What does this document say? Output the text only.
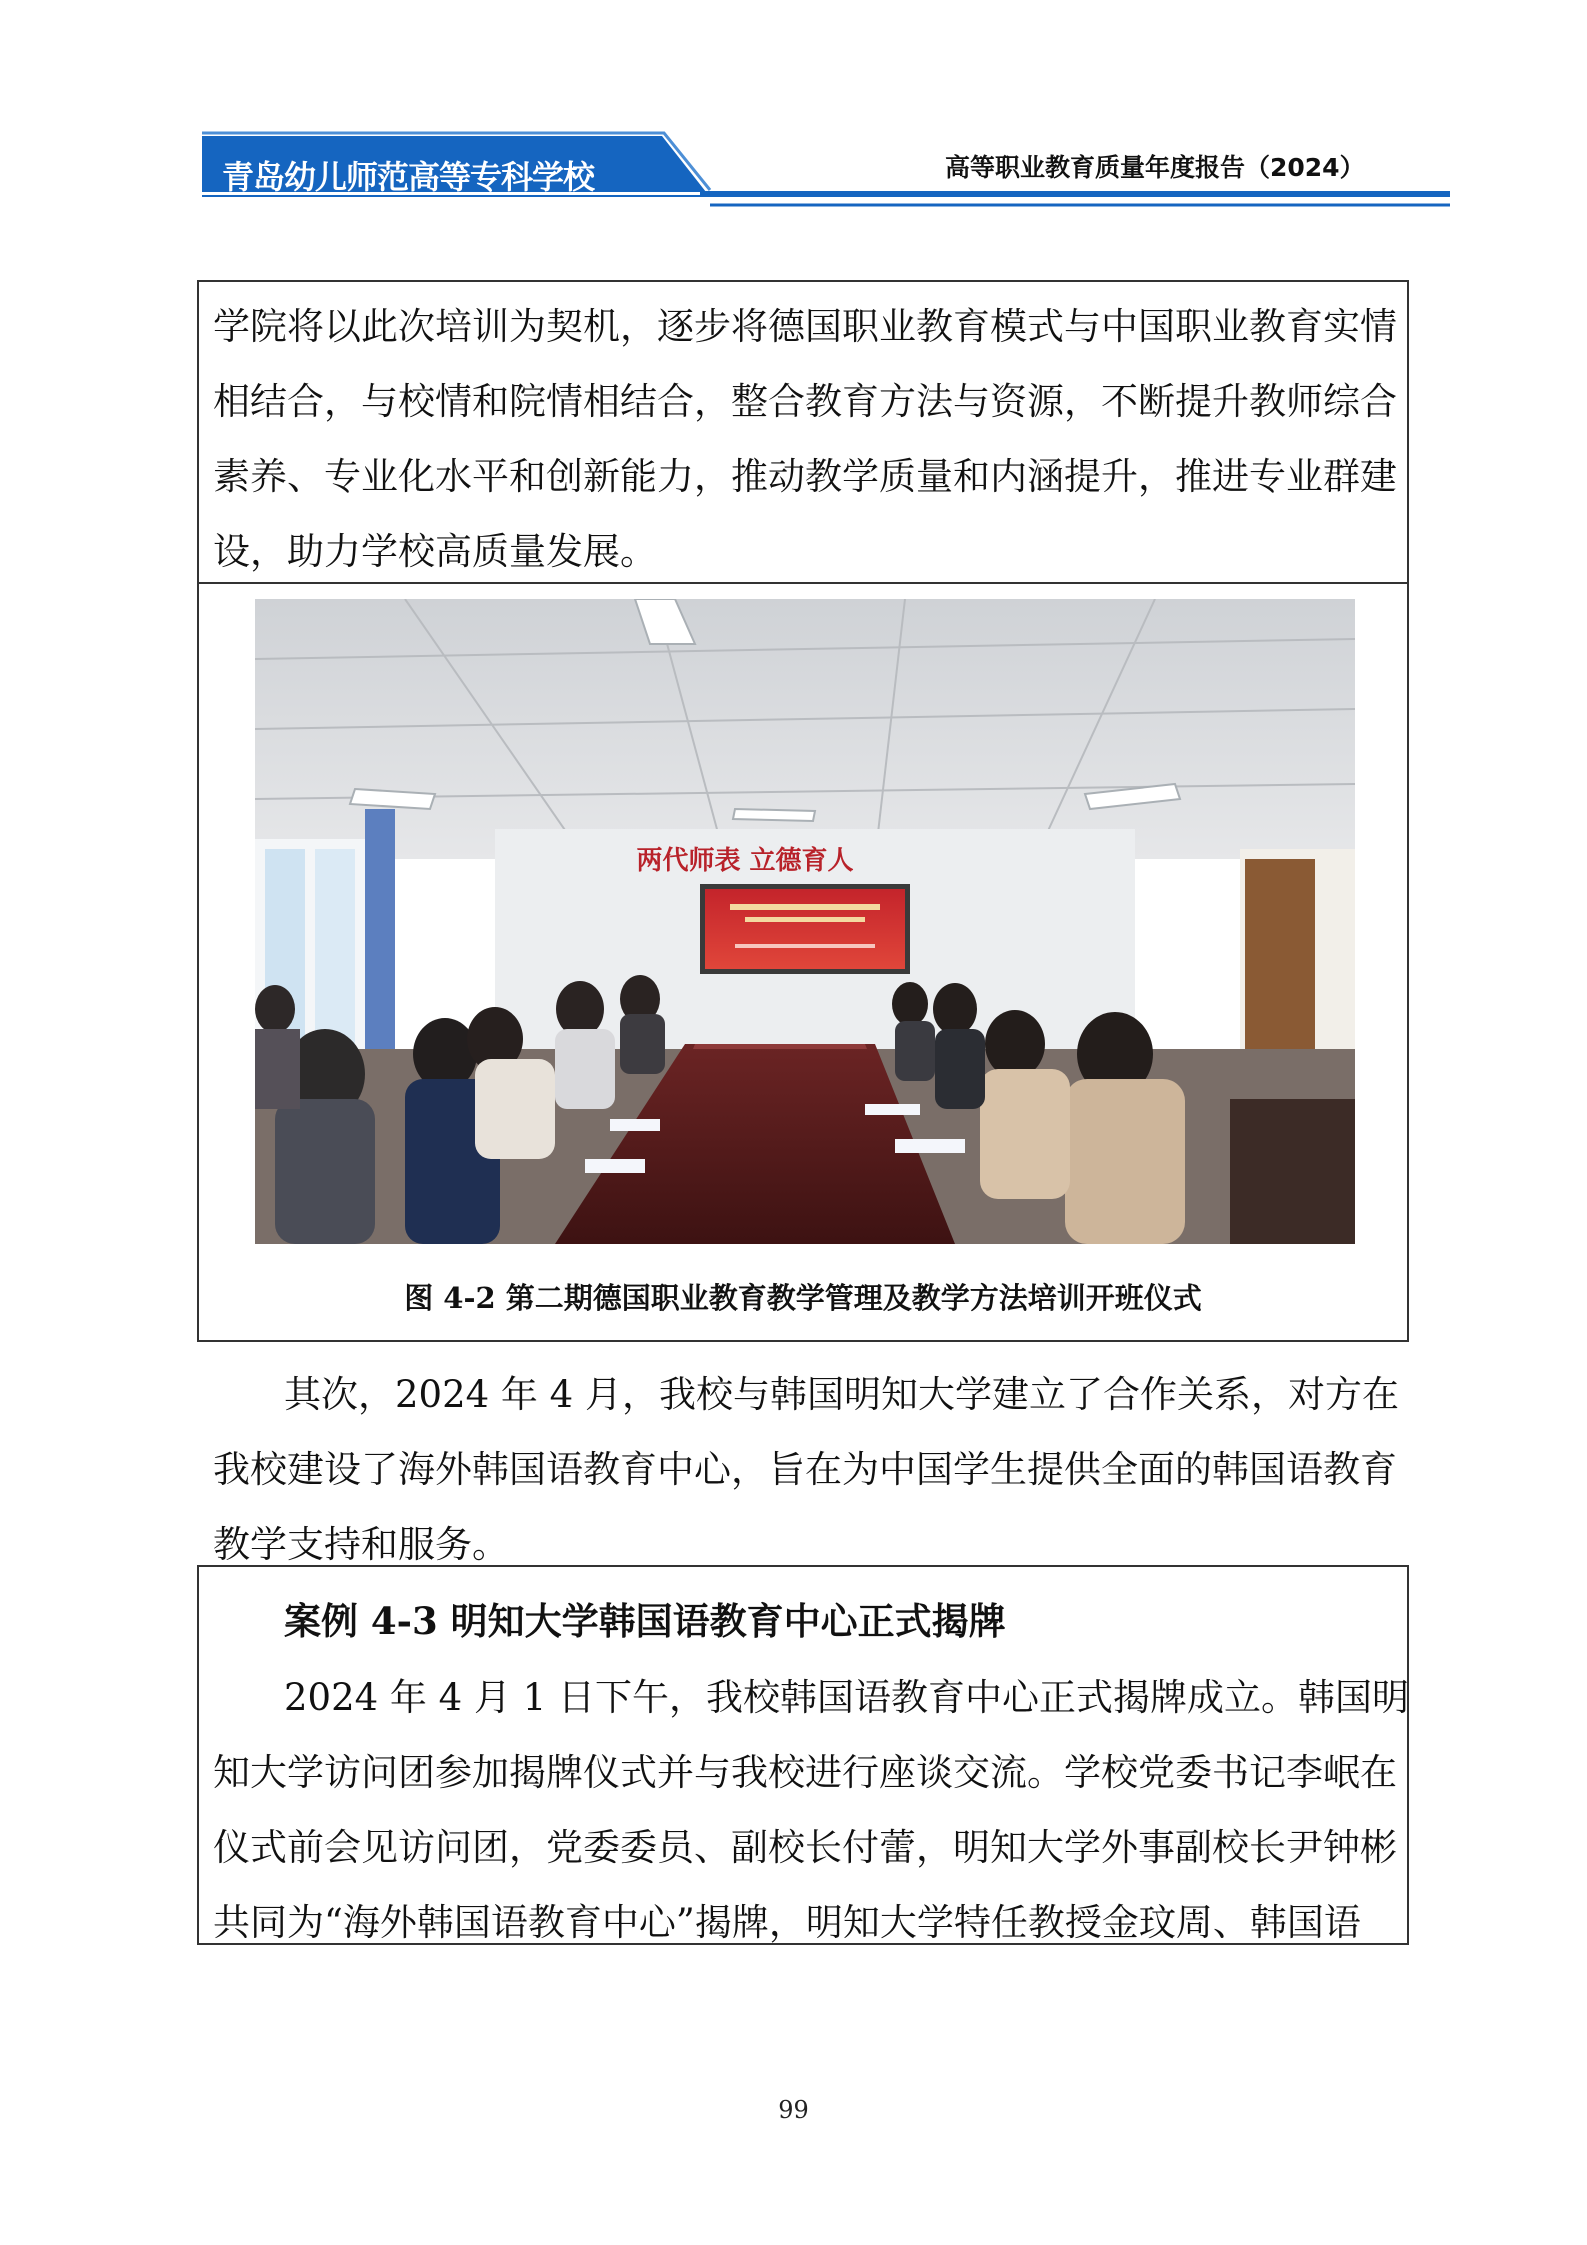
青岛幼儿师范高等专科学校	高等职业教育质量年度报告（2024）
学院将以此次培训为契机，逐步将德国职业教育模式与中国职业教育实情
相结合，与校情和院情相结合，整合教育方法与资源，不断提升教师综合
素养、专业化水平和创新能力，推动教学质量和内涵提升，推进专业群建
设，助力学校高质量发展。
两代师表 立德育人
图 4-2 第二期德国职业教育教学管理及教学方法培训开班仪式
其次，2024 年 4 月，我校与韩国明知大学建立了合作关系，对方在
我校建设了海外韩国语教育中心，旨在为中国学生提供全面的韩国语教育
教学支持和服务。
案例 4-3 明知大学韩国语教育中心正式揭牌
2024 年 4 月 1 日下午，我校韩国语教育中心正式揭牌成立。韩国明
知大学访问团参加揭牌仪式并与我校进行座谈交流。学校党委书记李岷在
仪式前会见访问团，党委委员、副校长付蕾，明知大学外事副校长尹钟彬
共同为“海外韩国语教育中心”揭牌，明知大学特任教授金玟周、韩国语
99
